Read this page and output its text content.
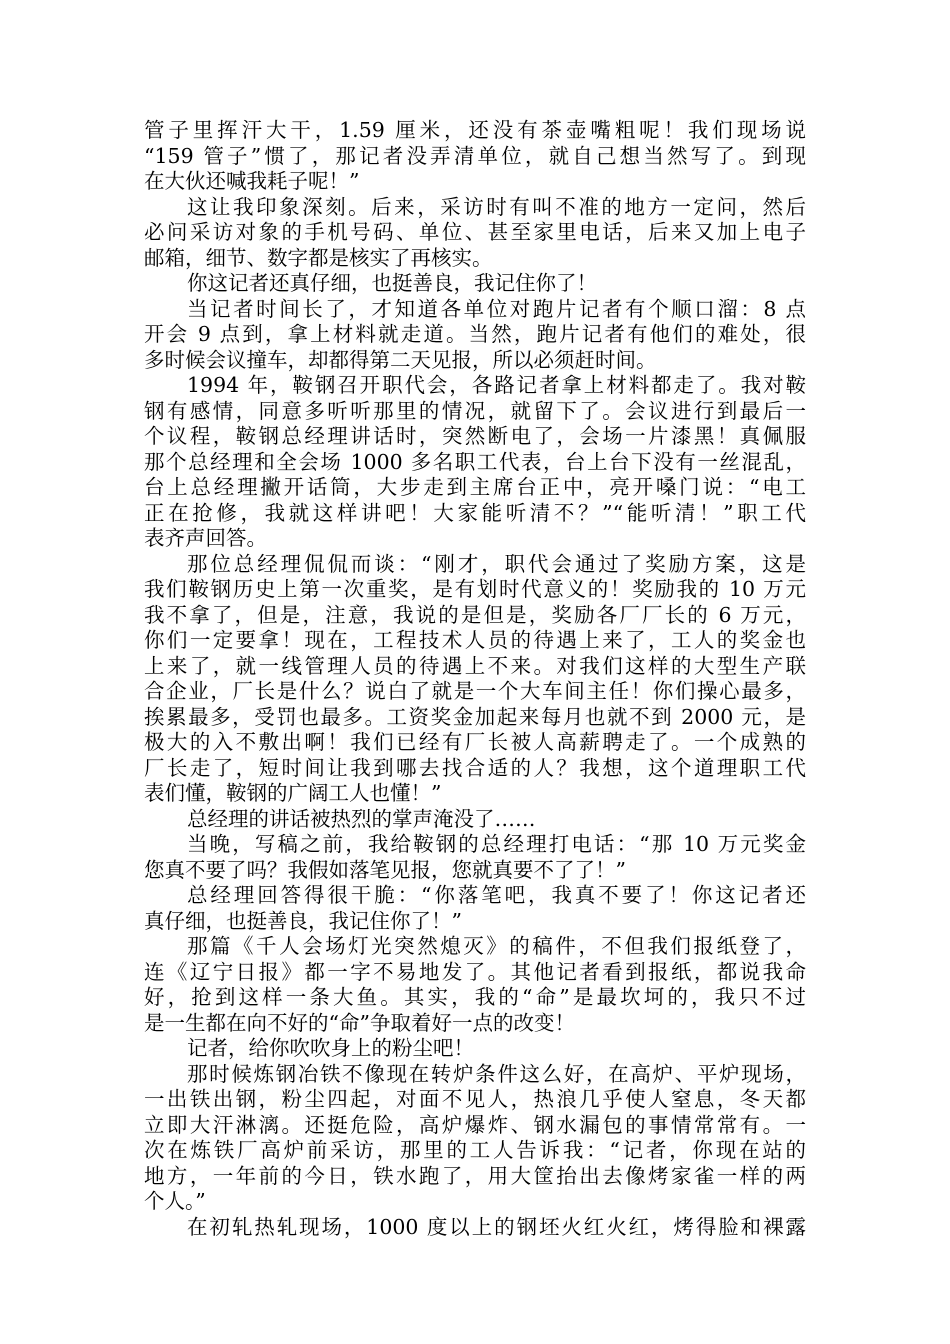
管子里挥汗大干，1.59 厘米，还没有茶壶嘴粗呢！我们现场说
“159 管子”惯了，那记者没弄清单位，就自己想当然写了。到现
在大伙还喊我耗子呢！”
这让我印象深刻。后来，采访时有叫不准的地方一定问，然后
必问采访对象的手机号码、单位、甚至家里电话，后来又加上电子
邮箱，细节、数字都是核实了再核实。
你这记者还真仔细，也挺善良，我记住你了！
当记者时间长了，才知道各单位对跑片记者有个顺口溜：8 点
开会 9 点到，拿上材料就走道。当然，跑片记者有他们的难处，很
多时候会议撞车，却都得第二天见报，所以必须赶时间。
1994 年，鞍钢召开职代会，各路记者拿上材料都走了。我对鞍
钢有感情，同意多听听那里的情况，就留下了。会议进行到最后一
个议程，鞍钢总经理讲话时，突然断电了，会场一片漆黑！真佩服
那个总经理和全会场 1000 多名职工代表，台上台下没有一丝混乱，
台上总经理撇开话筒，大步走到主席台正中，亮开嗓门说：“电工
正在抢修，我就这样讲吧！大家能听清不？”“能听清！”职工代
表齐声回答。
那位总经理侃侃而谈：“刚才，职代会通过了奖励方案，这是
我们鞍钢历史上第一次重奖，是有划时代意义的！奖励我的 10 万元
我不拿了，但是，注意，我说的是但是，奖励各厂厂长的 6 万元，
你们一定要拿！现在，工程技术人员的待遇上来了，工人的奖金也
上来了，就一线管理人员的待遇上不来。对我们这样的大型生产联
合企业，厂长是什么？说白了就是一个大车间主任！你们操心最多，
挨累最多，受罚也最多。工资奖金加起来每月也就不到 2000 元，是
极大的入不敷出啊！我们已经有厂长被人高薪聘走了。一个成熟的
厂长走了，短时间让我到哪去找合适的人？我想，这个道理职工代
表们懂，鞍钢的广阔工人也懂！”
总经理的讲话被热烈的掌声淹没了……
当晚，写稿之前，我给鞍钢的总经理打电话：“那 10 万元奖金
您真不要了吗？我假如落笔见报，您就真要不了了！”
总经理回答得很干脆：“你落笔吧，我真不要了！你这记者还
真仔细，也挺善良，我记住你了！”
那篇《千人会场灯光突然熄灭》的稿件，不但我们报纸登了，
连《辽宁日报》都一字不易地发了。其他记者看到报纸，都说我命
好，抢到这样一条大鱼。其实，我的“命”是最坎坷的，我只不过
是一生都在向不好的“命”争取着好一点的改变！
记者，给你吹吹身上的粉尘吧！
那时候炼钢冶铁不像现在转炉条件这么好，在高炉、平炉现场，
一出铁出钢，粉尘四起，对面不见人，热浪几乎使人窒息，冬天都
立即大汗淋漓。还挺危险，高炉爆炸、钢水漏包的事情常常有。一
次在炼铁厂高炉前采访，那里的工人告诉我：“记者，你现在站的
地方，一年前的今日，铁水跑了，用大筐抬出去像烤家雀一样的两
个人。”
在初轧热轧现场，1000 度以上的钢坯火红火红，烤得脸和裸露
